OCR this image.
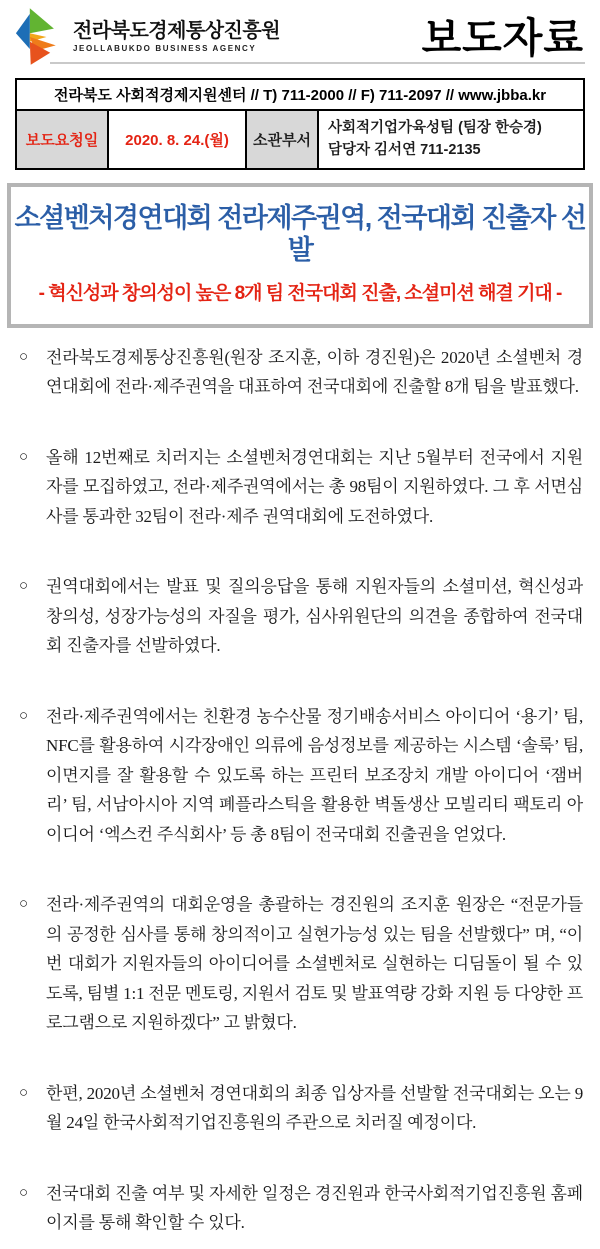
전라북도경제통상진흥원
JEOLLABUKDO BUSINESS AGENCY	보도자료
전라북도 사회적경제지원센터 // T) 711-2000 // F) 711-2097 // www.jbba.kr
보도요청일	2020. 8. 24.(월)	소관부서
사회적기업가육성팀 (팀장 한승경)
담당자 김서연 711-2135
소셜벤처경연대회 전라제주권역, 전국대회 진출자 선발
- 혁신성과 창의성이 높은 8개 팀 전국대회 진출, 소셜미션 해결 기대 -
○ 전라북도경제통상진흥원(원장 조지훈, 이하 경진원)은 2020년 소셜벤처 경연대회에 전라·제주권역을 대표하여 전국대회에 진출할 8개 팀을 발표했다.
○ 올해 12번째로 치러지는 소셜벤처경연대회는 지난 5월부터 전국에서 지원자를 모집하였고, 전라·제주권역에서는 총 98팀이 지원하였다. 그 후 서면심사를 통과한 32팀이 전라·제주 권역대회에 도전하였다.
○ 권역대회에서는 발표 및 질의응답을 통해 지원자들의 소셜미션, 혁신성과 창의성, 성장가능성의 자질을 평가, 심사위원단의 의견을 종합하여 전국대회 진출자를 선발하였다.
○ 전라·제주권역에서는 친환경 농수산물 정기배송서비스 아이디어 ‘용기’ 팀, NFC를 활용하여 시각장애인 의류에 음성정보를 제공하는 시스템 ‘솔룩’ 팀, 이면지를 잘 활용할 수 있도록 하는 프린터 보조장치 개발 아이디어 ‘잼버리’ 팀, 서남아시아 지역 폐플라스틱을 활용한 벽돌생산 모빌리티 팩토리 아이디어 ‘엑스컨 주식회사’ 등 총 8팀이 전국대회 진출권을 얻었다.
○ 전라·제주권역의 대회운영을 총괄하는 경진원의 조지훈 원장은 “전문가들의 공정한 심사를 통해 창의적이고 실현가능성 있는 팀을 선발했다” 며, “이번 대회가 지원자들의 아이디어를 소셜벤처로 실현하는 디딤돌이 될 수 있도록, 팀별 1:1 전문 멘토링, 지원서 검토 및 발표역량 강화 지원 등 다양한 프로그램으로 지원하겠다” 고 밝혔다.
○ 한편, 2020년 소셜벤처 경연대회의 최종 입상자를 선발할 전국대회는 오는 9월 24일 한국사회적기업진흥원의 주관으로 치러질 예정이다.
○ 전국대회 진출 여부 및 자세한 일정은 경진원과 한국사회적기업진흥원 홈페이지를 통해 확인할 수 있다.
